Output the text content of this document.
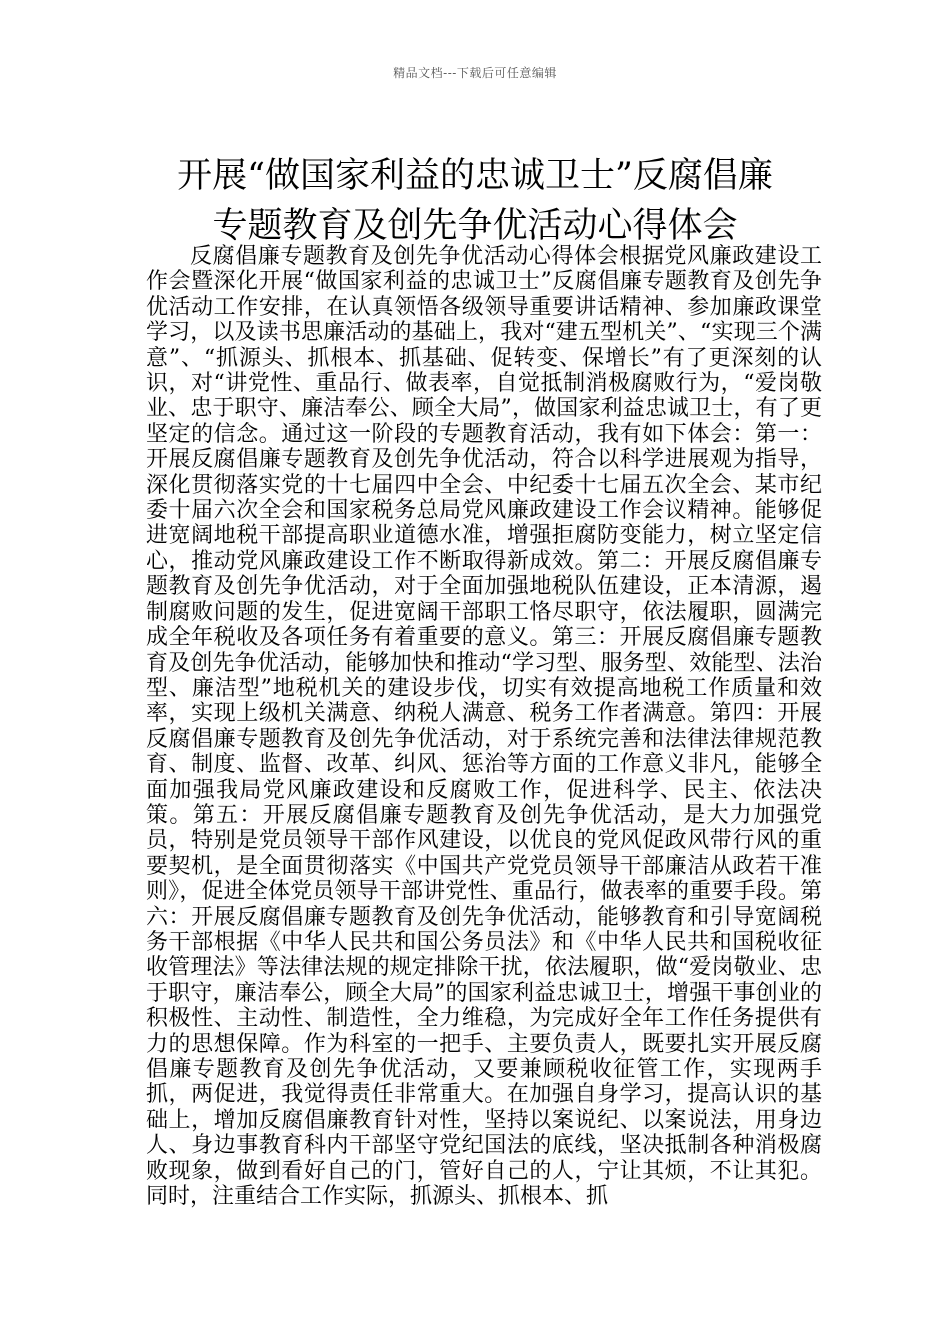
精品文档---下载后可任意编辑
开展“做国家利益的忠诚卫士”反腐倡廉
专题教育及创先争优活动心得体会
反腐倡廉专题教育及创先争优活动心得体会根据党风廉政建设工作会暨深化开展“做国家利益的忠诚卫士”反腐倡廉专题教育及创先争优活动工作安排，在认真领悟各级领导重要讲话精神、参加廉政课堂学习，以及读书思廉活动的基础上，我对“建五型机关”、“实现三个满意”、“抓源头、抓根本、抓基础、促转变、保增长”有了更深刻的认识，对“讲党性、重品行、做表率，自觉抵制消极腐败行为，“爱岗敬业、忠于职守、廉洁奉公、顾全大局”，做国家利益忠诚卫士，有了更坚定的信念。通过这一阶段的专题教育活动，我有如下体会：第一：开展反腐倡廉专题教育及创先争优活动，符合以科学进展观为指导，深化贯彻落实党的十七届四中全会、中纪委十七届五次全会、某市纪委十届六次全会和国家税务总局党风廉政建设工作会议精神。能够促进宽阔地税干部提高职业道德水准，增强拒腐防变能力，树立坚定信心，推动党风廉政建设工作不断取得新成效。第二：开展反腐倡廉专题教育及创先争优活动，对于全面加强地税队伍建设，正本清源，遏制腐败问题的发生，促进宽阔干部职工恪尽职守，依法履职，圆满完成全年税收及各项任务有着重要的意义。第三：开展反腐倡廉专题教育及创先争优活动，能够加快和推动“学习型、服务型、效能型、法治型、廉洁型”地税机关的建设步伐，切实有效提高地税工作质量和效率，实现上级机关满意、纳税人满意、税务工作者满意。第四：开展反腐倡廉专题教育及创先争优活动，对于系统完善和法律法律规范教育、制度、监督、改革、纠风、惩治等方面的工作意义非凡，能够全面加强我局党风廉政建设和反腐败工作，促进科学、民主、依法决策。第五：开展反腐倡廉专题教育及创先争优活动，是大力加强党员，特别是党员领导干部作风建设，以优良的党风促政风带行风的重要契机，是全面贯彻落实《中国共产党党员领导干部廉洁从政若干准则》，促进全体党员领导干部讲党性、重品行，做表率的重要手段。第六：开展反腐倡廉专题教育及创先争优活动，能够教育和引导宽阔税务干部根据《中华人民共和国公务员法》和《中华人民共和国税收征收管理法》等法律法规的规定排除干扰，依法履职，做“爱岗敬业、忠于职守，廉洁奉公，顾全大局”的国家利益忠诚卫士，增强干事创业的积极性、主动性、制造性，全力维稳，为完成好全年工作任务提供有力的思想保障。作为科室的一把手、主要负责人，既要扎实开展反腐倡廉专题教育及创先争优活动，又要兼顾税收征管工作，实现两手抓，两促进，我觉得责任非常重大。在加强自身学习，提高认识的基础上，增加反腐倡廉教育针对性，坚持以案说纪、以案说法，用身边人、身边事教育科内干部坚守党纪国法的底线，坚决抵制各种消极腐败现象，做到看好自己的门，管好自己的人，宁让其烦，不让其犯。同时，注重结合工作实际，抓源头、抓根本、抓
